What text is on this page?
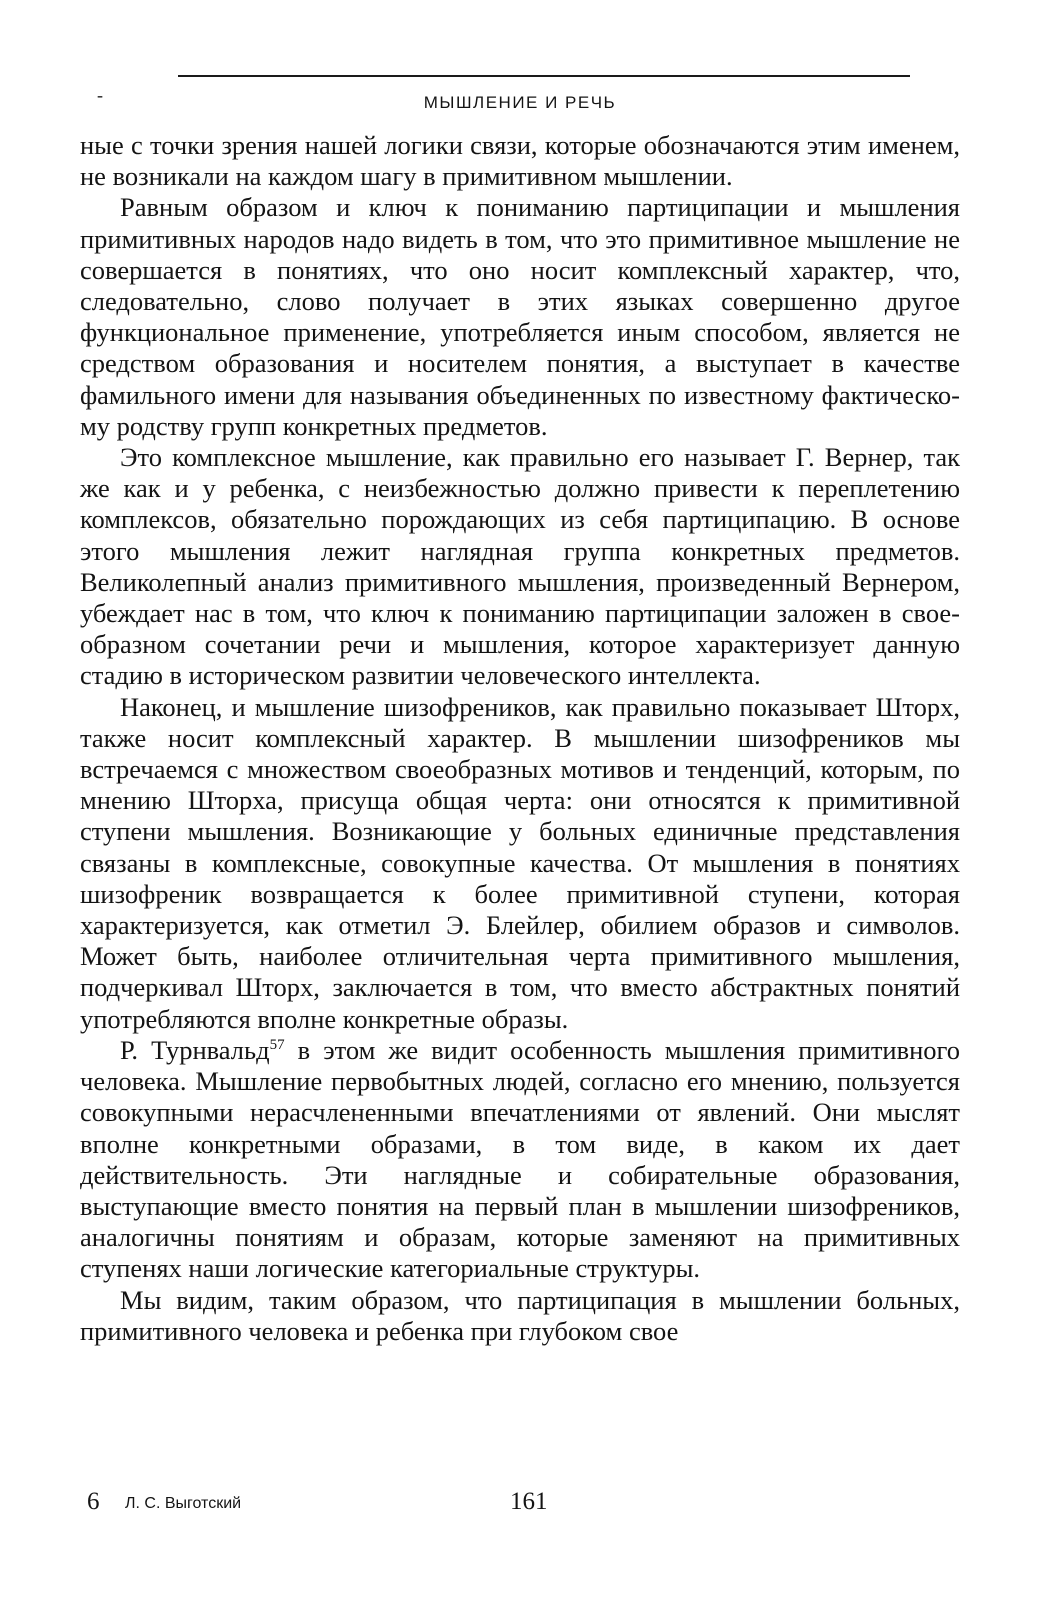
-	МЫШЛЕНИЕ И РЕЧЬ

ные с точки зрения нашей логики связи, которые обозначаются этим именем, не возникали на каждом шагу в примитивном мышлении.

Равным образом и ключ к пониманию партиципации и мышления примитивных народов надо видеть в том, что это примитивное мышление не совершается в понятиях, что оно носит комплексный характер, что, следовательно, слово получает в этих языках совершенно другое функциональное применение, употребляется иным способом, является не средством образования и носителем понятия, а выступает в качестве фамильного имени для называния объединенных по известному фактическому родству групп конкретных предметов.

Это комплексное мышление, как правильно его называет Г. Вернер, так же как и у ребенка, с неизбежностью должно привести к переплетению комплексов, обязательно порождающих из себя партиципацию. В основе этого мышления лежит наглядная группа конкретных предметов. Великолепный анализ примитивного мышления, произведенный Вернером, убеждает нас в том, что ключ к пониманию партиципации заложен в своеобразном сочетании речи и мышления, которое характеризует данную стадию в историческом развитии человеческого интеллекта.

Наконец, и мышление шизофреников, как правильно показывает Шторх, также носит комплексный характер. В мышлении шизофреников мы встречаемся с множеством своеобразных мотивов и тенденций, которым, по мнению Шторха, присуща общая черта: они относятся к примитивной ступени мышления. Возникающие у больных единичные представления связаны в комплексные, совокупные качества. От мышления в понятиях шизофреник возвращается к более примитивной ступени, которая характеризуется, как отметил Э. Блейлер, обилием образов и символов. Может быть, наиболее отличительная черта примитивного мышления, подчеркивал Шторх, заключается в том, что вместо абстрактных понятий употребляются вполне конкретные образы.

Р. Турнвальд$^{57}$ в этом же видит особенность мышления примитивного человека. Мышление первобытных людей, согласно его мнению, пользуется совокупными нерасчлененными впечатлениями от явлений. Они мыслят вполне конкретными образами, в том виде, в каком их дает действительность. Эти наглядные и собирательные образования, выступающие вместо понятия на первый план в мышлении шизофреников, аналогичны понятиям и образам, которые заменяют на примитивных ступенях наши логические категориальные структуры.

Мы видим, таким образом, что партиципация в мышлении больных, примитивного человека и ребенка при глубоком свое

6 Л. С. Выготский	161
